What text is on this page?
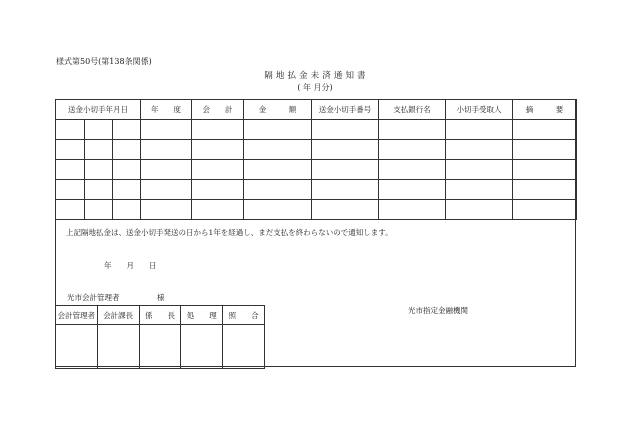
様式第50号(第138条関係)
隔 地 払 金 未 済 通 知 書
( 年 月分)
送金小切手年月日			年　　度	会　　計	金　　　額	送金小切手番号	支払銀行名	小切手受取人	摘　　　要

上記隔地払金は、送金小切手発送の日から1年を経過し、まだ支払を終わらないので通知します。
年　　月　　日
光市会計管理者　　　　　様
会計管理者	会計課長	係　　長	処　　理	照　　合
					光市指定金融機関
